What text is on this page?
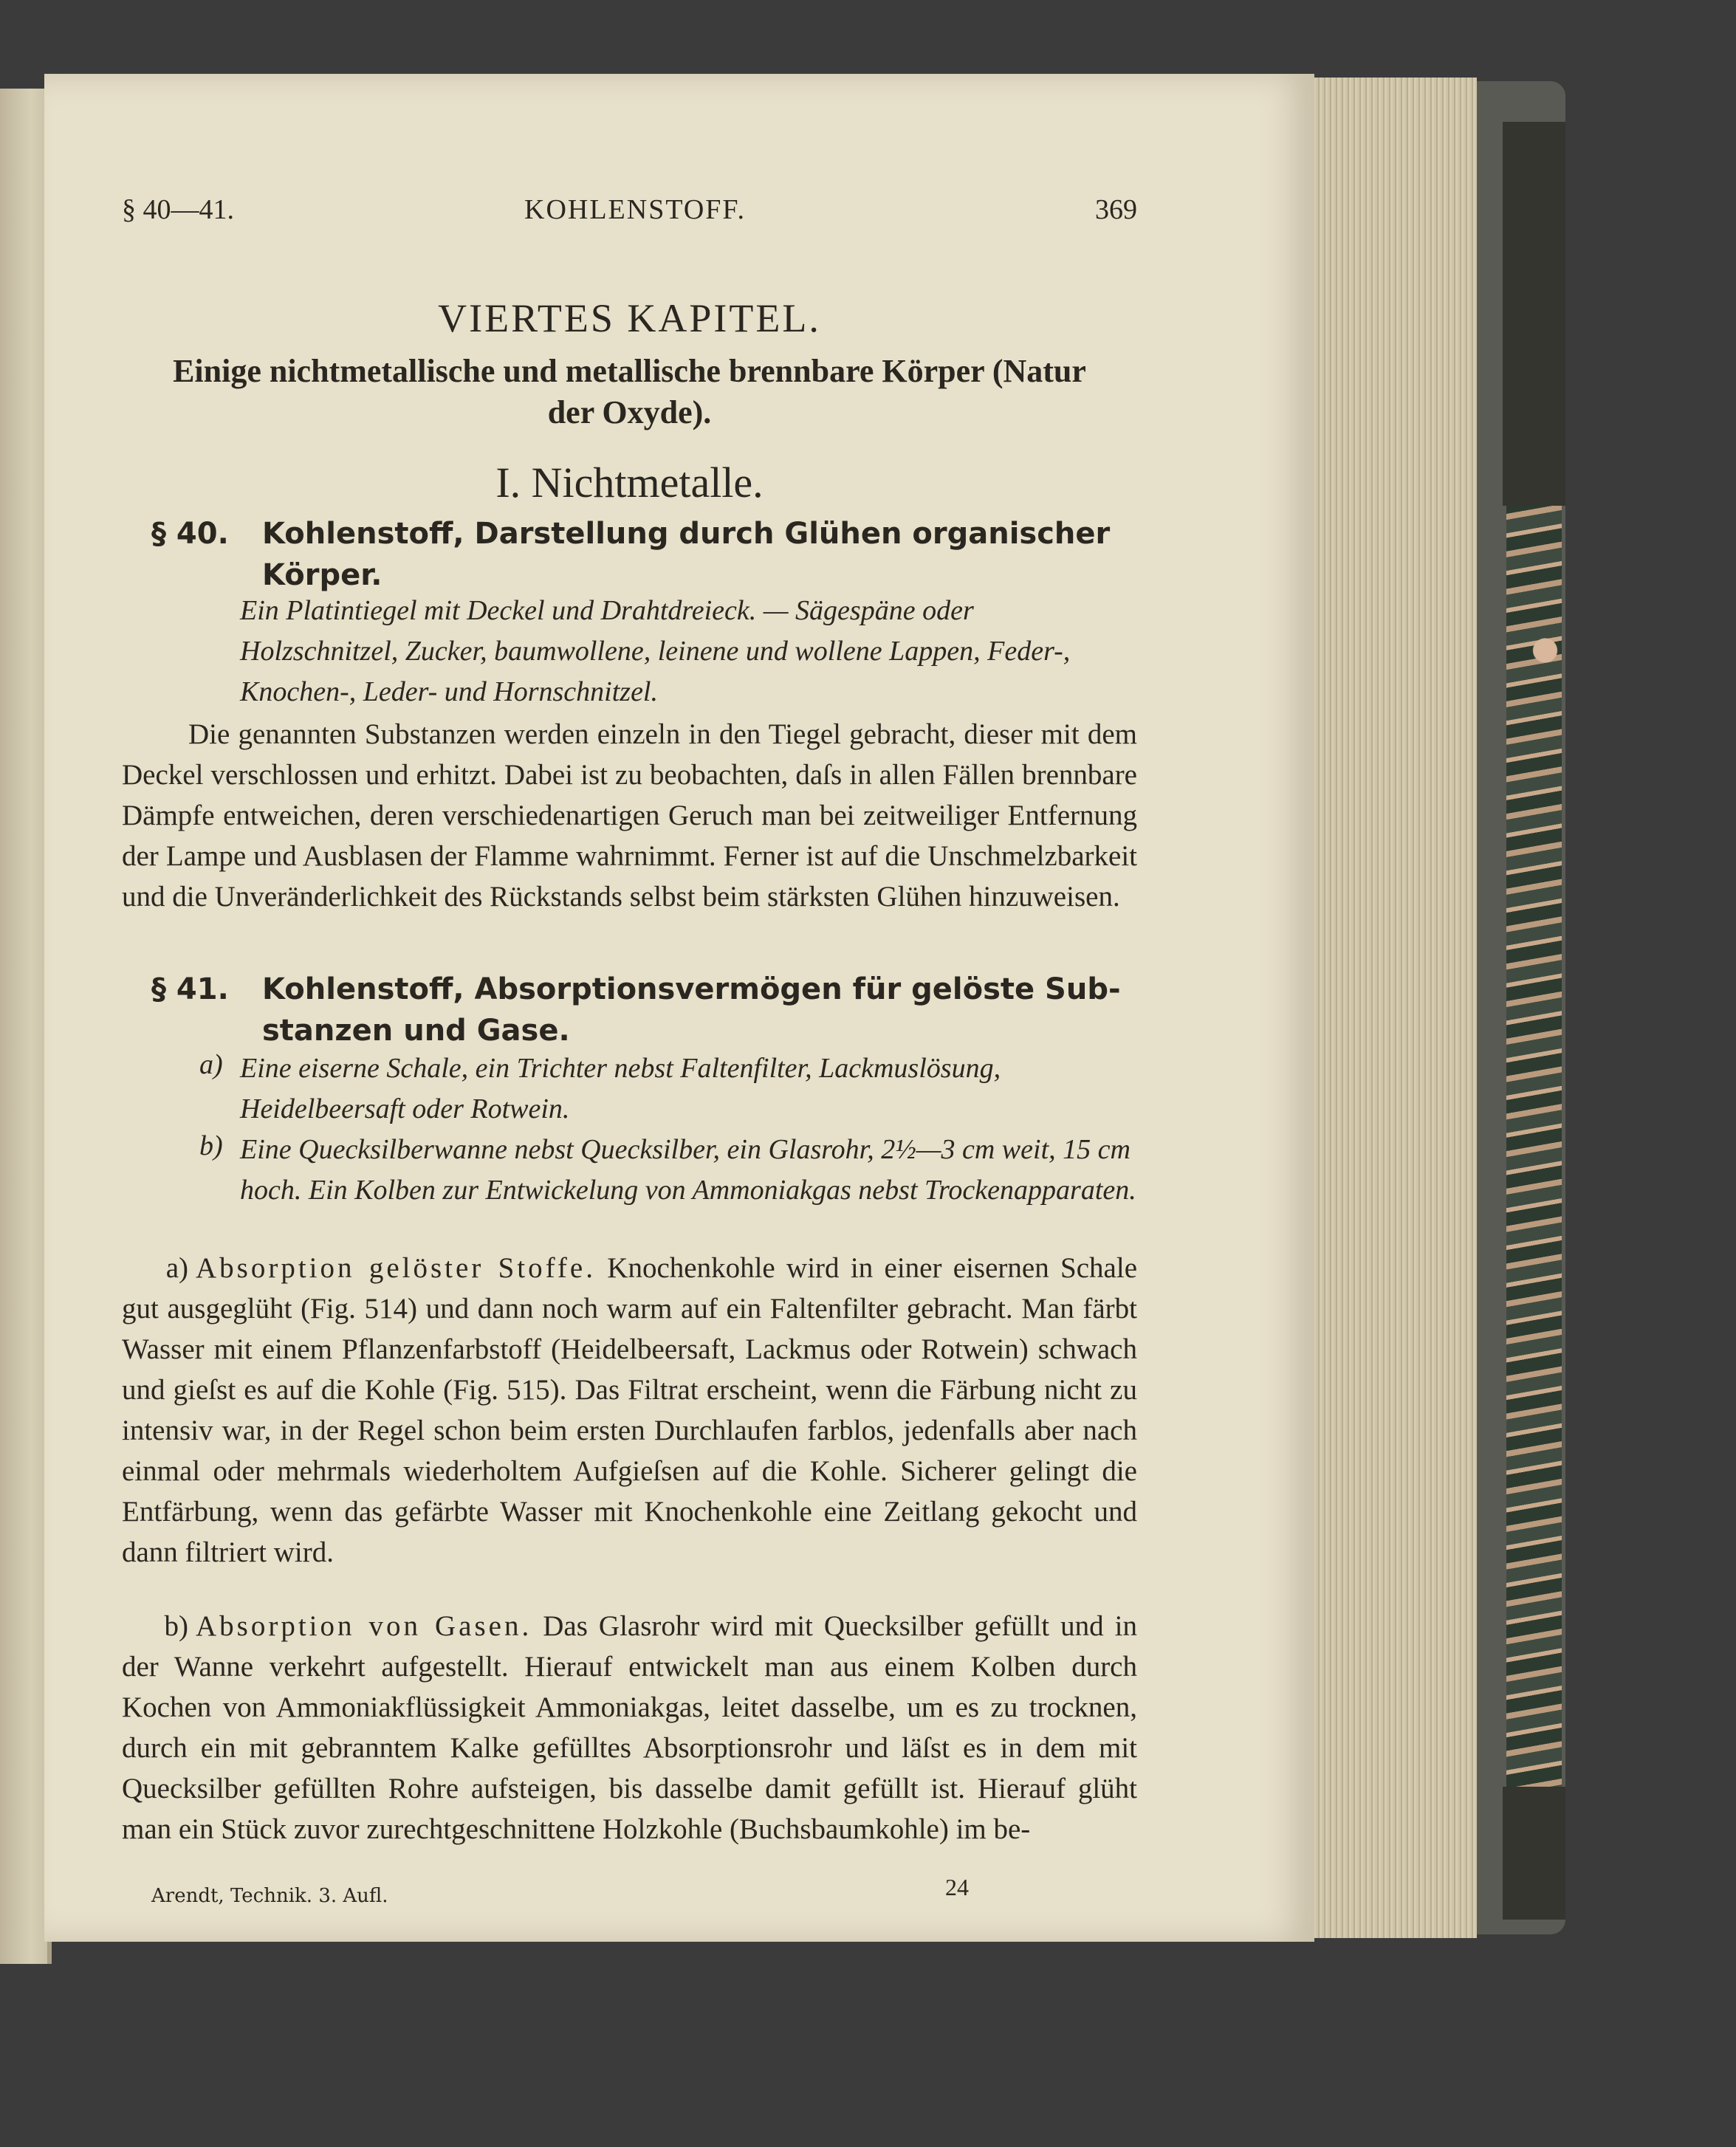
§ 40—41.	KOHLENSTOFF.	369
VIERTES KAPITEL.
Einige nichtmetallische und metallische brennbare Körper (Natur der Oxyde).
I. Nichtmetalle.
§ 40. Kohlenstoff, Darstellung durch Glühen organischer
Körper.
Ein Platintiegel mit Deckel und Drahtdreieck. — Sägespäne oder Holzschnitzel, Zucker, baumwollene, leinene und wollene Lappen, Feder-, Knochen-, Leder- und Hornschnitzel.
Die genannten Substanzen werden einzeln in den Tiegel gebracht, dieser mit dem Deckel verschlossen und erhitzt. Dabei ist zu beobachten, daſs in allen Fällen brennbare Dämpfe entweichen, deren verschiedenartigen Geruch man bei zeitweiliger Entfernung der Lampe und Ausblasen der Flamme wahrnimmt. Ferner ist auf die Unschmelzbarkeit und die Unveränderlichkeit des Rückstands selbst beim stärksten Glühen hinzuweisen.
§ 41. Kohlenstoff, Absorptionsvermögen für gelöste Sub-
stanzen und Gase.
a) Eine eiserne Schale, ein Trichter nebst Faltenfilter, Lackmuslösung, Heidelbeersaft oder Rotwein.
b) Eine Quecksilberwanne nebst Quecksilber, ein Glasrohr, 2½—3 cm weit, 15 cm hoch. Ein Kolben zur Entwickelung von Ammoniakgas nebst Trockenapparaten.
a) Absorption gelöster Stoffe. Knochenkohle wird in einer eisernen Schale gut ausgeglüht (Fig. 514) und dann noch warm auf ein Faltenfilter gebracht. Man färbt Wasser mit einem Pflanzenfarbstoff (Heidelbeersaft, Lackmus oder Rotwein) schwach und gieſst es auf die Kohle (Fig. 515). Das Filtrat erscheint, wenn die Färbung nicht zu intensiv war, in der Regel schon beim ersten Durchlaufen farblos, jedenfalls aber nach einmal oder mehrmals wiederholtem Aufgieſsen auf die Kohle. Sicherer gelingt die Entfärbung, wenn das gefärbte Wasser mit Knochenkohle eine Zeitlang gekocht und dann filtriert wird.
b) Absorption von Gasen. Das Glasrohr wird mit Quecksilber gefüllt und in der Wanne verkehrt aufgestellt. Hierauf entwickelt man aus einem Kolben durch Kochen von Ammoniakflüssigkeit Ammoniakgas, leitet dasselbe, um es zu trocknen, durch ein mit gebranntem Kalke gefülltes Absorptionsrohr und läſst es in dem mit Quecksilber gefüllten Rohre aufsteigen, bis dasselbe damit gefüllt ist. Hierauf glüht man ein Stück zuvor zurechtgeschnittene Holzkohle (Buchsbaumkohle) im be-
Arendt, Technik. 3. Aufl.	24
